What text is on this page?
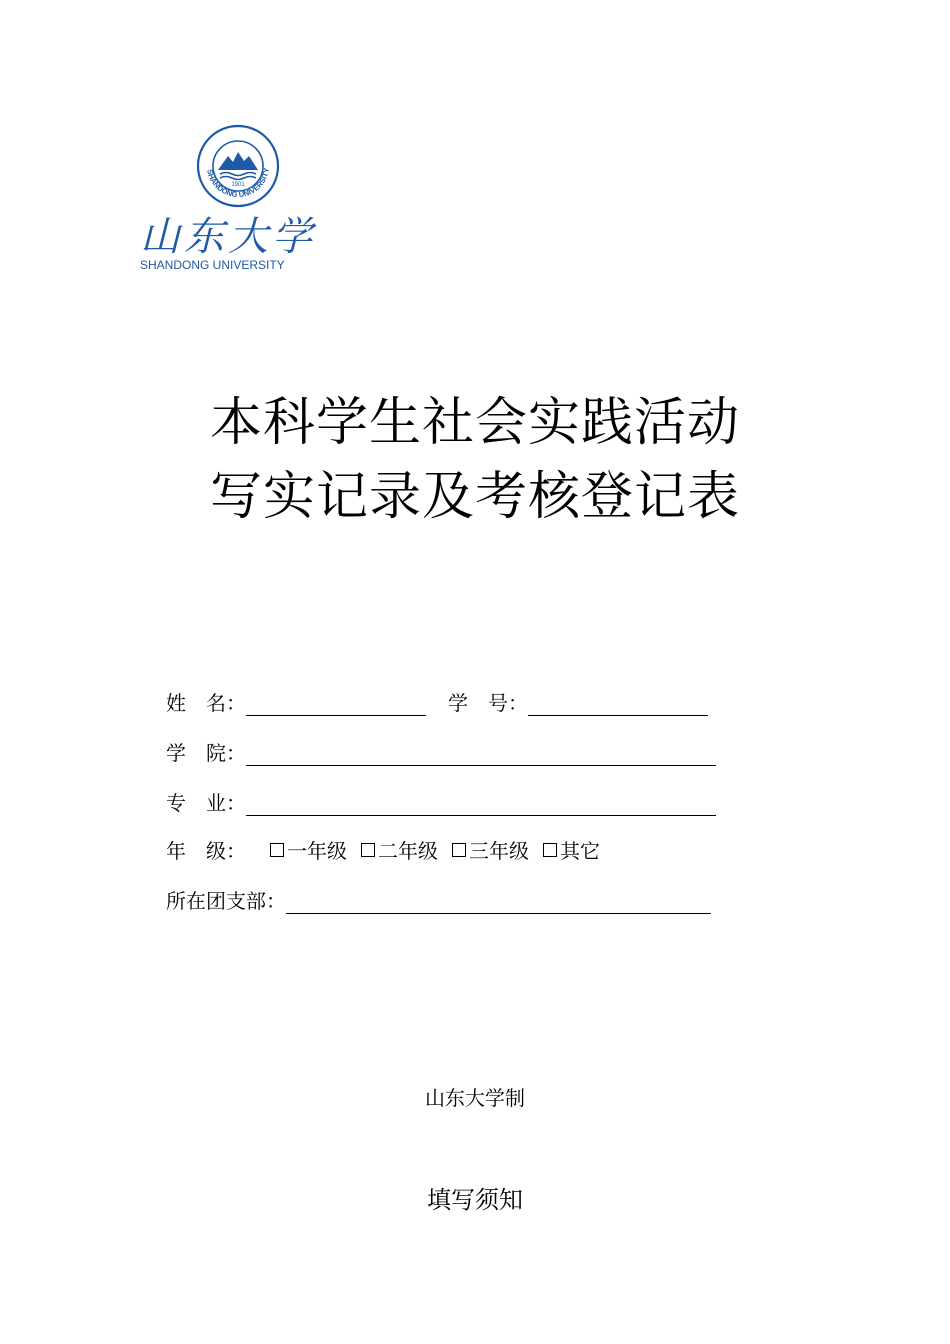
SHANDONG UNIVERSITY
1901
山东大学
SHANDONG UNIVERSITY
本科学生社会实践活动
写实记录及考核登记表
姓　名：	学　号：
学　院：
专　业：
年　级： 一年级 二年级 三年级 其它
所在团支部：
山东大学制
填写须知
